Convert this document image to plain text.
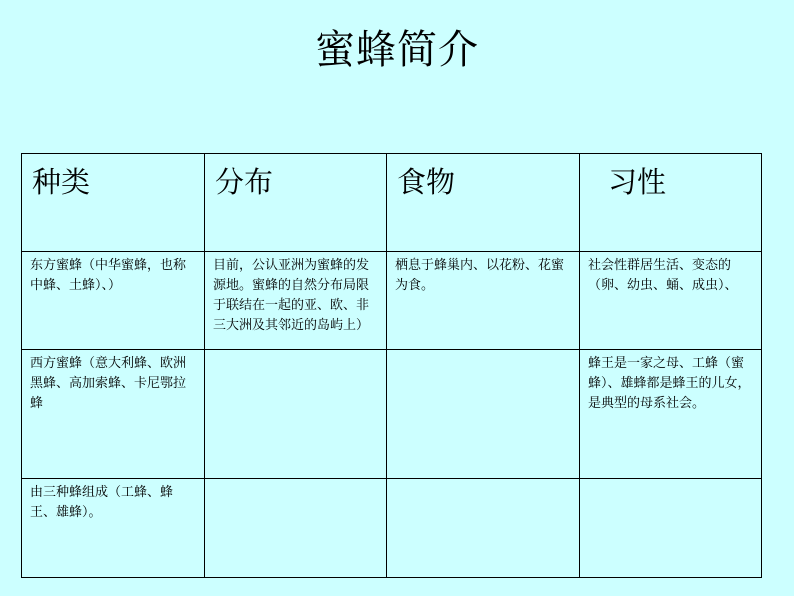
蜜蜂简介
种类	分布	食物	习性

东方蜜蜂（中华蜜蜂，也称中蜂、土蜂）、）	目前，公认亚洲为蜜蜂的发源地。蜜蜂的自然分布局限于联结在一起的亚、欧、非三大洲及其邻近的岛屿上）	栖息于蜂巢内、以花粉、花蜜为食。	社会性群居生活、变态的（卵、幼虫、蛹、成虫）、

西方蜜蜂（意大利蜂、欧洲黑蜂、高加索蜂、卡尼鄂拉蜂			蜂王是一家之母、工蜂（蜜蜂）、雄蜂都是蜂王的儿女，是典型的母系社会。

由三种蜂组成（工蜂、蜂王、雄蜂）。			
